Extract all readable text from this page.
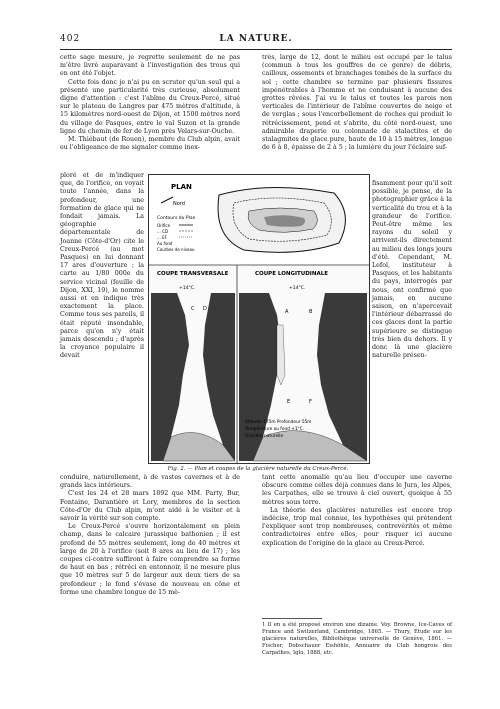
402	LA NATURE.

cette sage mesure, je regrette seulement de ne pas m'être livré auparavant à l'investigation des trous qui en ont été l'objet.

Cette fois donc je n'ai pu en scruter qu'un seul qui a présenté une particularité très curieuse, absolument digne d'attention : c'est l'abîme du Creux-Percé, situé sur le plateau de Langres par 475 mètres d'altitude, à 15 kilomètres nord-ouest de Dijon, et 1500 mètres nord du village de Pasques, entre le val Suzon et la grande ligne du chemin de fer de Lyon près Velars-sur-Ouche.

M. Thiébaut (de Rouen), membre du Club alpin, avait eu l'obligeance de me signaler comme inex-

ploré et de m'indiquer que, de l'orifice, on voyait toute l'année, dans la profondeur, une formation de glace qui ne fondait jamais. La géographie départementale de Joanne (Côte-d'Or) cite le Creux-Percé (au mot Pasques) en lui donnant 17 ares d'ouverture ; la carte au 1/80 000e du service vicinal (feuille de Dijon, XXI, 19), le nomme aussi et en indique très exactement la place. Comme tous ses pareils, il était réputé insondable, parce qu'on n'y était jamais descendu ; d'après la croyance populaire il devait

très, large de 12, dont le milieu est occupé par le talus (commun à tous les gouffres de ce genre) de débris, cailloux, ossements et branchages tombés de la surface du sol ; cette chambre se termine par plusieurs fissures impénétrables à l'homme et ne conduisant à aucune des grottes rêvées. J'ai vu le talus et toutes les parois non verticales de l'intérieur de l'abîme couvertes de neige et de verglas ; sous l'encorbellement de roches qui produit le rétrécissement, pend et s'abrite, du côté nord-ouest, une admirable draperie ou colonnade de stalactites et de stalagmites de glace pure, haute de 10 à 15 mètres, longue de 6 à 8, épaisse de 2 à 5 ; la lumière du jour l'éclaire suf-

fisamment pour qu'il soit possible, je pense, de la photographier grâce à la verticalité du trou et à la grandeur de l'orifice. Peut-être même les rayons du soleil y arrivent-ils directement au milieu des longs jours d'été. Cependant, M. Lefol, instituteur à Pasques, et les habitants du pays, interrogés par nous, ont confirmé que jamais, en aucune saison, on n'apercevait l'intérieur débarrassé de ces glaces dont la partie supérieure se distingue très bien du dehors. Il y donc là une glacière naturelle présen-
PLAN
Nord
Contours du Plan
Orifice
... CD
... EF
Au fond
Courbes de niveau
COUPE TRANSVERSALE	COUPE LONGITUDINALE
+14°C.	+14°C.
C D	A	B
E	F
Altitude 475m Profondeur 55m
Température au fond +1°C.
Glacière naturelle
Fig. 2. — Plan et coupes de la glacière naturelle du Creux-Percé.

conduire, naturellement, à de vastes cavernes et à de grands lacs intérieurs.

C'est les 24 et 28 mars 1892 que MM. Party, Bur, Fontaine, Darantière et Lory, membres de la section Côte-d'Or du Club alpin, m'ont aidé à le visiter et à savoir la vérité sur son compte.

Le Creux-Percé s'ouvre horizontalement en plein champ, dans le calcaire jurassique bathonien ; il est profond de 55 mètres seulement, long de 40 mètres et large de 20 à l'orifice (soit 8 ares au lieu de 17) ; les coupes ci-contre suffiront à faire comprendre sa forme de haut en bas ; rétréci en entonnoir, il ne mesure plus que 10 mètres sur 5 de largeur aux deux tiers de sa profondeur ; le fond s'évase de nouveau en cône et forme une chambre longue de 15 mè-

tant cette anomalie qu'au lieu d'occuper une caverne obscure comme celles déjà connues dans le Jura, les Alpes, les Carpathes, elle se trouve à ciel ouvert, quoique à 55 mètres sous terre.

La théorie des glacières naturelles est encore trop indécise, trop mal connue, les hypothèses qui prétendent l'expliquer sont trop nombreuses, contrevérités et même contradictoires entre elles, pour risquer ici aucune explication de l'origine de la glace au Creux-Percé.

1 Il en a été proposé environ une dizaine. Voy. Browne, Ice-Caves of France and Switzerland, Cambridge, 1865. — Thury, Étude sur les glacières naturelles, Bibliothèque universelle de Genève, 1861. — Fischer, Dobschauer Eishöhle, Annuaire du Club hongrois des Carpathes, Iglo, 1888, etc.
